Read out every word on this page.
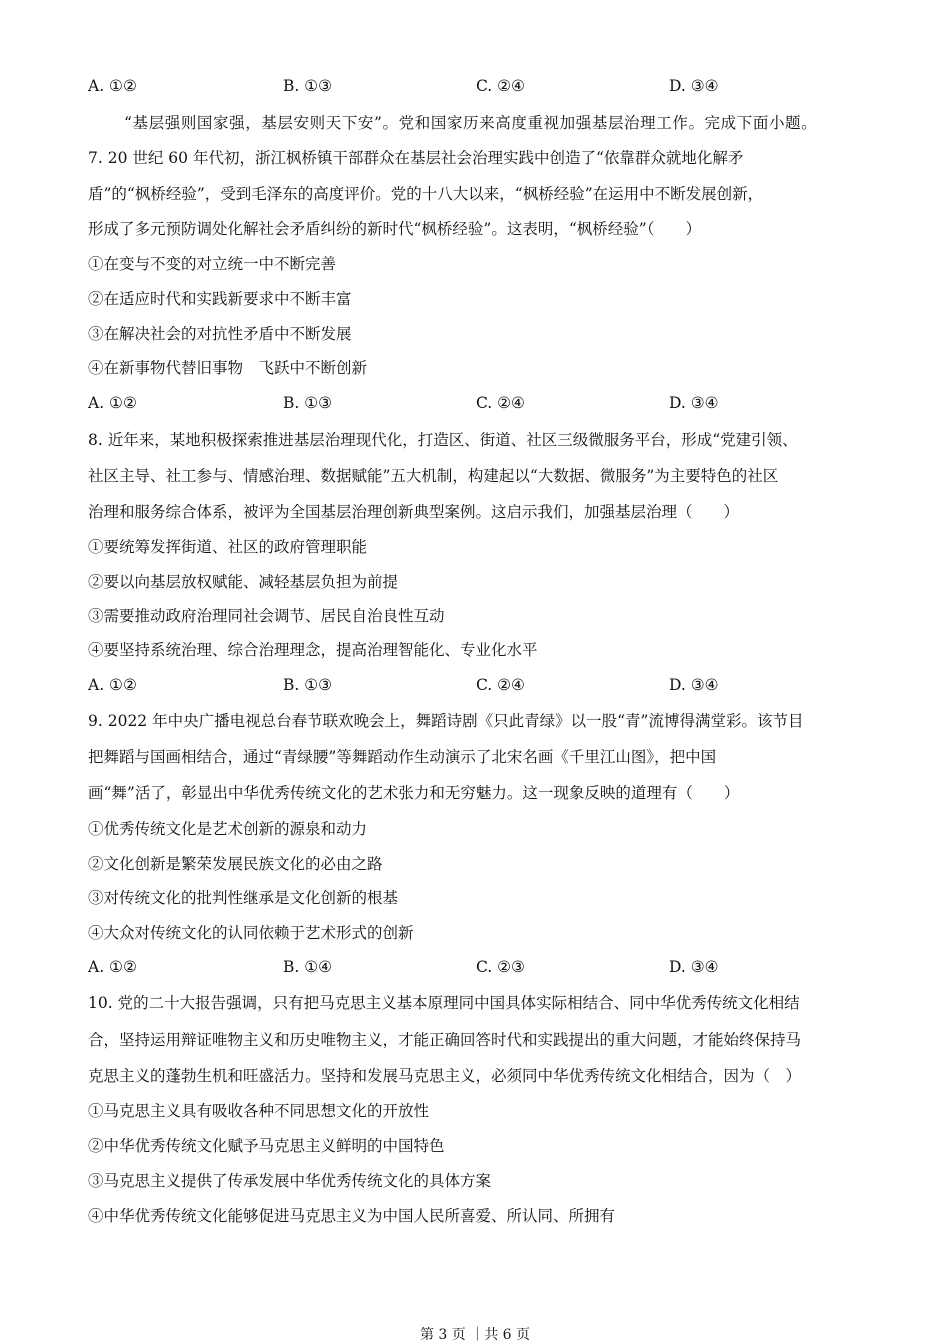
A. ①②	B. ①③	C. ②④	D. ③④
“基层强则国家强，基层安则天下安”。党和国家历来高度重视加强基层治理工作。完成下面小题。
7. 20 世纪 60 年代初，浙江枫桥镇干部群众在基层社会治理实践中创造了“依靠群众就地化解矛
盾”的“枫桥经验”，受到毛泽东的高度评价。党的十八大以来，“枫桥经验”在运用中不断发展创新，
形成了多元预防调处化解社会矛盾纠纷的新时代“枫桥经验”。这表明，“枫桥经验”（　　）
①在变与不变的对立统一中不断完善
②在适应时代和实践新要求中不断丰富
③在解决社会的对抗性矛盾中不断发展
④在新事物代替旧事物　飞跃中不断创新
A. ①②	B. ①③	C. ②④	D. ③④
8. 近年来，某地积极探索推进基层治理现代化，打造区、街道、社区三级微服务平台，形成“党建引领、
社区主导、社工参与、情感治理、数据赋能”五大机制，构建起以“大数据、微服务”为主要特色的社区
治理和服务综合体系，被评为全国基层治理创新典型案例。这启示我们，加强基层治理（　　）
①要统筹发挥街道、社区的政府管理职能
②要以向基层放权赋能、减轻基层负担为前提
③需要推动政府治理同社会调节、居民自治良性互动
④要坚持系统治理、综合治理理念，提高治理智能化、专业化水平
A. ①②	B. ①③	C. ②④	D. ③④
9. 2022 年中央广播电视总台春节联欢晚会上，舞蹈诗剧《只此青绿》以一股“青”流博得满堂彩。该节目
把舞蹈与国画相结合，通过“青绿腰”等舞蹈动作生动演示了北宋名画《千里江山图》，把中国
画“舞”活了，彰显出中华优秀传统文化的艺术张力和无穷魅力。这一现象反映的道理有（　　）
①优秀传统文化是艺术创新的源泉和动力
②文化创新是繁荣发展民族文化的必由之路
③对传统文化的批判性继承是文化创新的根基
④大众对传统文化的认同依赖于艺术形式的创新
A. ①②	B. ①④	C. ②③	D. ③④
10. 党的二十大报告强调，只有把马克思主义基本原理同中国具体实际相结合、同中华优秀传统文化相结
合，坚持运用辩证唯物主义和历史唯物主义，才能正确回答时代和实践提出的重大问题，才能始终保持马
克思主义的蓬勃生机和旺盛活力。坚持和发展马克思主义，必须同中华优秀传统文化相结合，因为（　）
①马克思主义具有吸收各种不同思想文化的开放性
②中华优秀传统文化赋予马克思主义鲜明的中国特色
③马克思主义提供了传承发展中华优秀传统文化的具体方案
④中华优秀传统文化能够促进马克思主义为中国人民所喜爱、所认同、所拥有
第 3 页 ｜共 6 页
